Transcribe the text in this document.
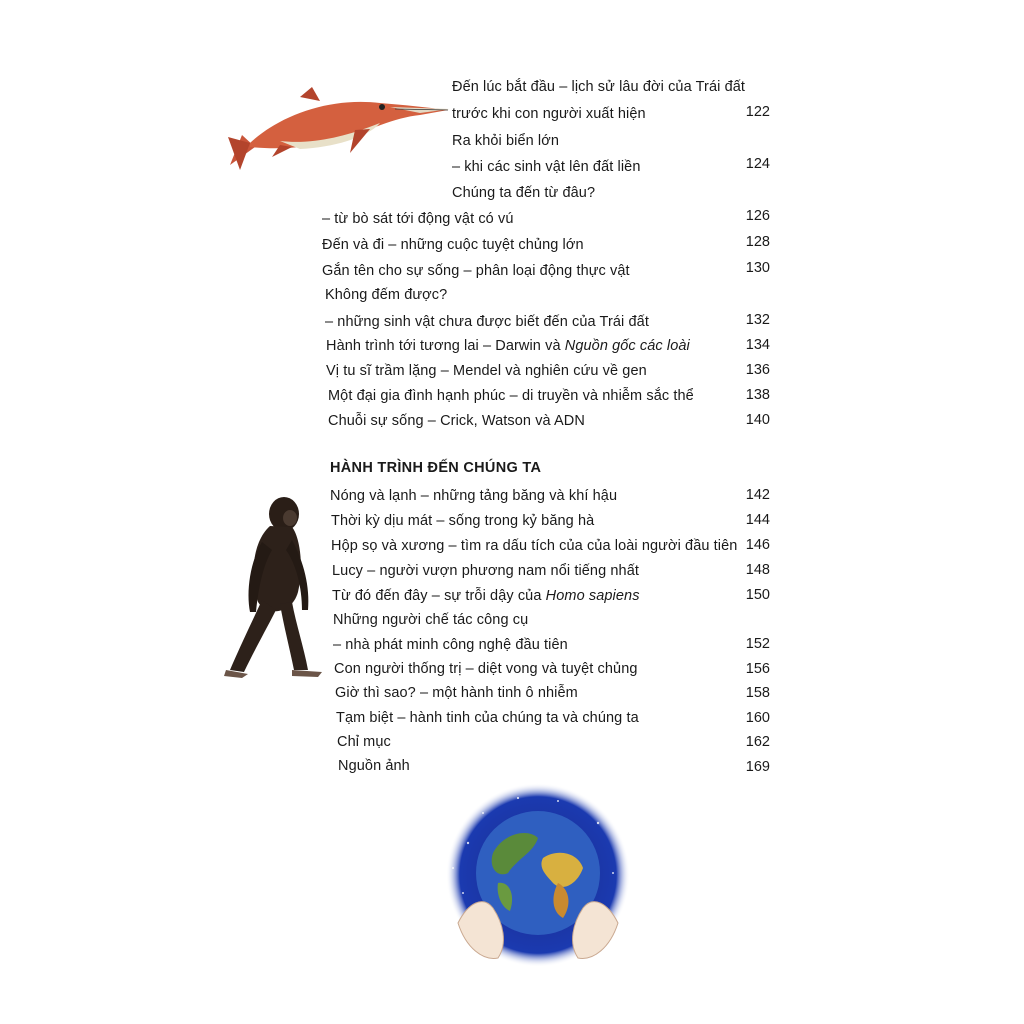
Đến lúc bắt đầu – lịch sử lâu đời của Trái đất
trước khi con người xuất hiện	122
Ra khỏi biển lớn
– khi các sinh vật lên đất liền	124
Chúng ta đến từ đâu?
– từ bò sát tới động vật có vú	126
Đến và đi – những cuộc tuyệt chủng lớn	128
Gắn tên cho sự sống – phân loại động thực vật	130
Không đếm được?
– những sinh vật chưa được biết đến của Trái đất	132
Hành trình tới tương lai – Darwin và Nguồn gốc các loài	134
Vị tu sĩ trầm lặng – Mendel và nghiên cứu về gen	136
Một đại gia đình hạnh phúc – di truyền và nhiễm sắc thể	138
Chuỗi sự sống – Crick, Watson và ADN	140
HÀNH TRÌNH ĐẾN CHÚNG TA
Nóng và lạnh – những tảng băng và khí hậu	142
Thời kỳ dịu mát – sống trong kỷ băng hà	144
Hộp sọ và xương – tìm ra dấu tích của của loài người đầu tiên 146
Lucy – người vượn phương nam nổi tiếng nhất	148
Từ đó đến đây – sự trỗi dậy của Homo sapiens	150
Những người chế tác công cụ
– nhà phát minh công nghệ đầu tiên	152
Con người thống trị – diệt vong và tuyệt chủng	156
Giờ thì sao? – một hành tinh ô nhiễm	158
Tạm biệt – hành tinh của chúng ta và chúng ta	160
Chỉ mục	162
Nguồn ảnh	169
